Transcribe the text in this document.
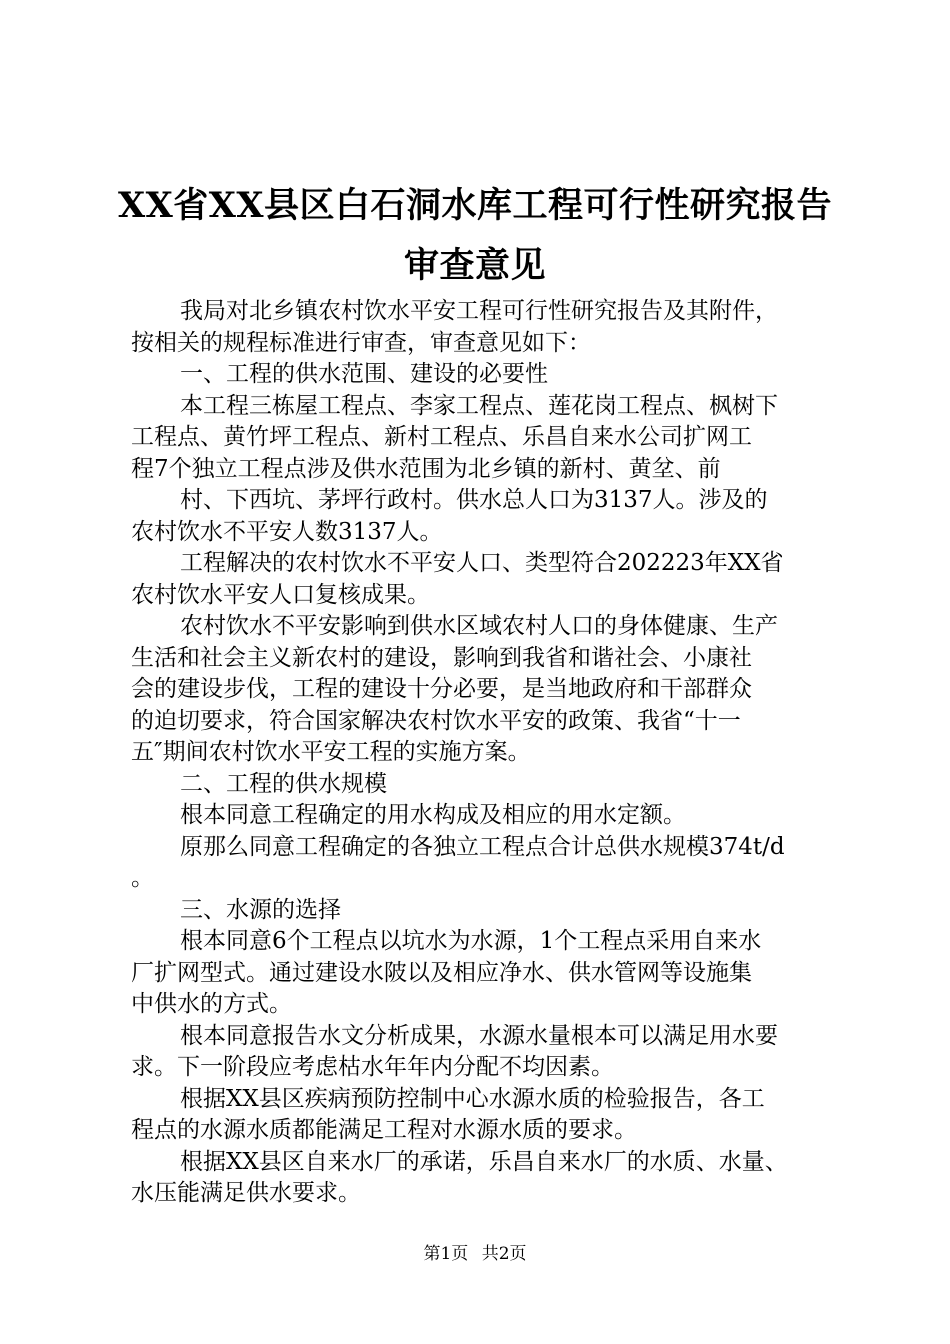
XX省XX县区白石洞水库工程可行性研究报告
审查意见
我局对北乡镇农村饮水平安工程可行性研究报告及其附件，
按相关的规程标准进行审查，审查意见如下：
一、工程的供水范围、建设的必要性
本工程三栋屋工程点、李家工程点、莲花岗工程点、枫树下
工程点、黄竹坪工程点、新村工程点、乐昌自来水公司扩网工
程7个独立工程点涉及供水范围为北乡镇的新村、黄坌、前
村、下西坑、茅坪行政村。供水总人口为3137人。涉及的
农村饮水不平安人数3137人。
工程解决的农村饮水不平安人口、类型符合202223年XX省
农村饮水平安人口复核成果。
农村饮水不平安影响到供水区域农村人口的身体健康、生产
生活和社会主义新农村的建设，影响到我省和谐社会、小康社
会的建设步伐，工程的建设十分必要，是当地政府和干部群众
的迫切要求，符合国家解决农村饮水平安的政策、我省“十一
五″期间农村饮水平安工程的实施方案。
二、工程的供水规模
根本同意工程确定的用水构成及相应的用水定额。
原那么同意工程确定的各独立工程点合计总供水规模374t/d
。
三、水源的选择
根本同意6个工程点以坑水为水源，1个工程点采用自来水
厂扩网型式。通过建设水陂以及相应净水、供水管网等设施集
中供水的方式。
根本同意报告水文分析成果，水源水量根本可以满足用水要
求。下一阶段应考虑枯水年年内分配不均因素。
根据XX县区疾病预防控制中心水源水质的检验报告，各工
程点的水源水质都能满足工程对水源水质的要求。
根据XX县区自来水厂的承诺，乐昌自来水厂的水质、水量、
水压能满足供水要求。
第1页 共2页
